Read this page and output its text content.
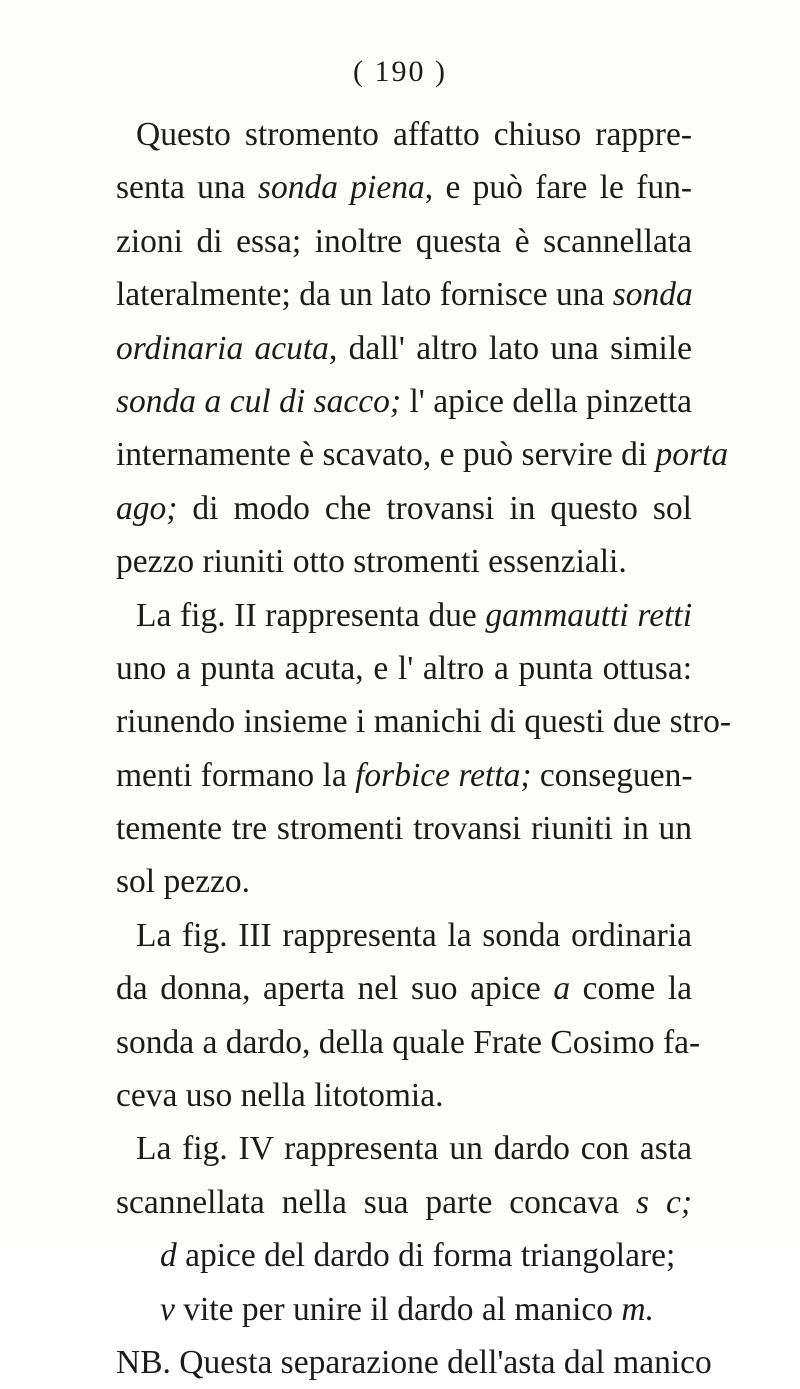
( 190 )
Questo stromento affatto chiuso rappre-
senta una sonda piena, e può fare le fun-
zioni di essa; inoltre questa è scannellata
lateralmente; da un lato fornisce una sonda
ordinaria acuta, dall' altro lato una simile
sonda a cul di sacco; l' apice della pinzetta
internamente è scavato, e può servire di porta
ago; di modo che trovansi in questo sol
pezzo riuniti otto stromenti essenziali.
La fig. II rappresenta due gammautti retti
uno a punta acuta, e l' altro a punta ottusa:
riunendo insieme i manichi di questi due stro-
menti formano la forbice retta; conseguen-
temente tre stromenti trovansi riuniti in un
sol pezzo.
La fig. III rappresenta la sonda ordinaria
da donna, aperta nel suo apice a come la
sonda a dardo, della quale Frate Cosimo fa-
ceva uso nella litotomia.
La fig. IV rappresenta un dardo con asta
scannellata nella sua parte concava s c;
d apice del dardo di forma triangolare;
v vite per unire il dardo al manico m.
NB. Questa separazione dell'asta dal manico
